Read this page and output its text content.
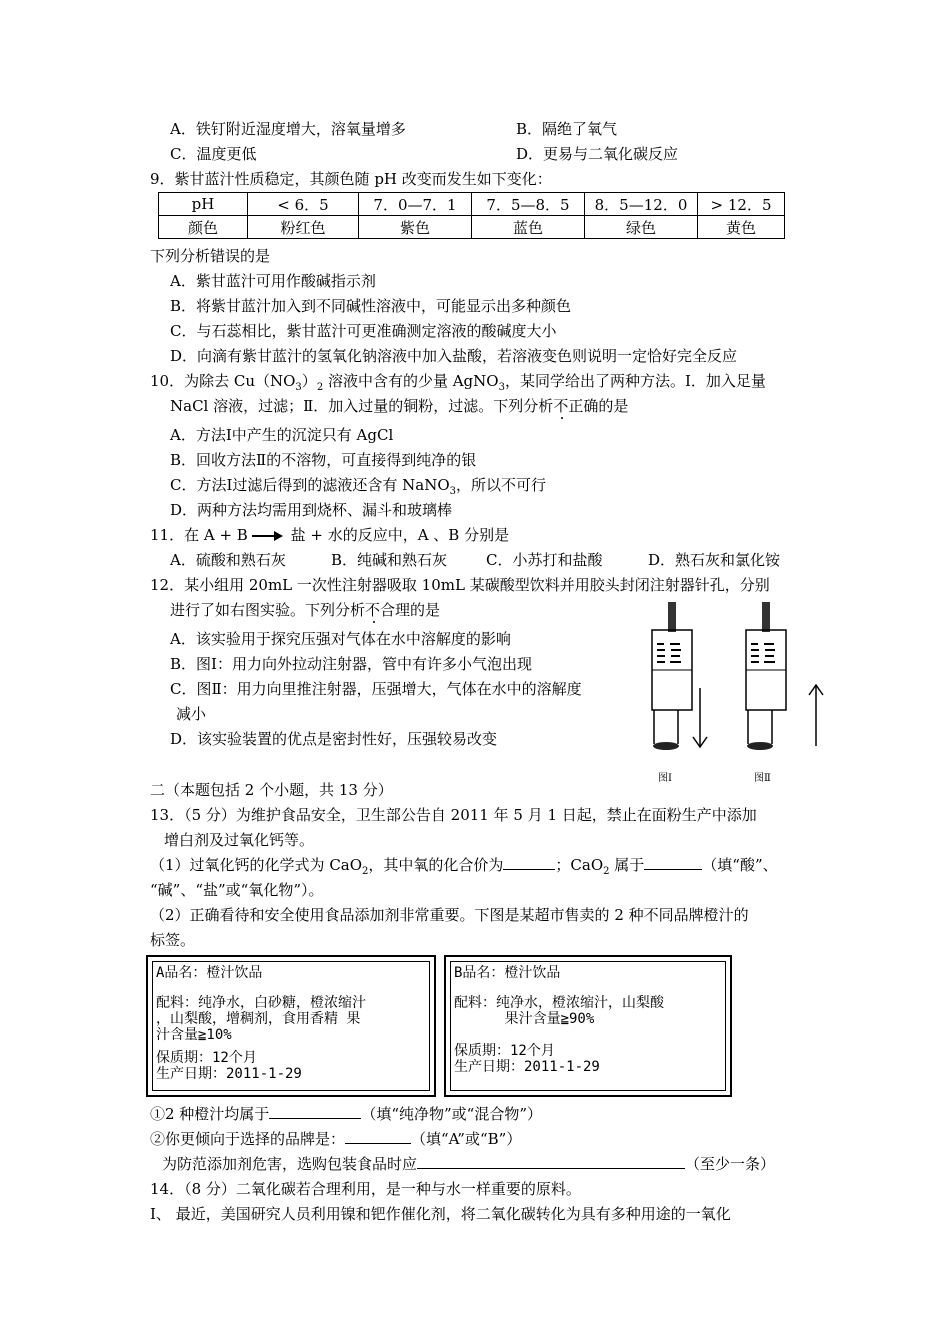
A．铁钉附近湿度增大，溶氧量增多	B．隔绝了氧气
C．温度更低	D．更易与二氧化碳反应
9．紫甘蓝汁性质稳定，其颜色随 pH 改变而发生如下变化：
pH	< 6．5	7．0—7．1	7．5—8．5	8．5—12．0	> 12．5
颜色	粉红色	紫色	蓝色	绿色	黄色
下列分析错误的是
A．紫甘蓝汁可用作酸碱指示剂
B．将紫甘蓝汁加入到不同碱性溶液中，可能显示出多种颜色
C．与石蕊相比，紫甘蓝汁可更准确测定溶液的酸碱度大小
D．向滴有紫甘蓝汁的氢氧化钠溶液中加入盐酸，若溶液变色则说明一定恰好完全反应
10．为除去 $Cu(NO_3)_2$ 溶液中含有的少量 AgNO$_3$，某同学给出了两种方法。Ⅰ．加入足量
NaCl 溶液，过滤；Ⅱ．加入过量的铜粉，过滤。下列分析不正确的是
A．方法Ⅰ中产生的沉淀只有 AgCl
B．回收方法Ⅱ的不溶物，可直接得到纯净的银
C．方法Ⅰ过滤后得到的滤液还含有 NaNO$_3$，所以不可行
D．两种方法均需用到烧杯、漏斗和玻璃棒
11．在 A + B → 盐 + 水的反应中，A 、B 分别是
A．硫酸和熟石灰	B．纯碱和熟石灰	C．小苏打和盐酸	D．熟石灰和氯化铵
12．某小组用 20mL 一次性注射器吸取 10mL 某碳酸型饮料并用胶头封闭注射器针孔，分别
进行了如右图实验。下列分析不合理的是
A．该实验用于探究压强对气体在水中溶解度的影响
B．图Ⅰ：用力向外拉动注射器，管中有许多小气泡出现
C．图Ⅱ：用力向里推注射器，压强增大，气体在水中的溶解度
减小
D．该实验装置的优点是密封性好，压强较易改变
图Ⅰ	图Ⅱ
二（本题包括 2 个小题，共 13 分）
13．（5 分）为维护食品安全，卫生部公告自 2011 年 5 月 1 日起，禁止在面粉生产中添加
增白剂及过氧化钙等。
（1）过氧化钙的化学式为 CaO$_2$，其中氧的化合价为	；CaO$_2$ 属于	（填“酸”、
“碱”、“盐”或“氧化物”）。
（2）正确看待和安全使用食品添加剂非常重要。下图是某超市售卖的 2 种不同品牌橙汁的
标签。
A品名：橙汁饮品
配料：纯净水，白砂糖，橙浓缩汁
，山梨酸，增稠剂，食用香精 果
汁含量≧10%
保质期：12个月
生产日期：2011-1-29
B品名：橙汁饮品
配料：纯净水，橙浓缩汁，山梨酸
果汁含量≧90%
保质期：12个月
生产日期：2011-1-29
①2 种橙汁均属于	（填“纯净物”或“混合物”）
②你更倾向于选择的品牌是：	（填“A”或“B”）
为防范添加剂危害，选购包装食品时应	（至少一条）
14．（8 分）二氧化碳若合理利用，是一种与水一样重要的原料。
Ⅰ、 最近，美国研究人员利用镍和钯作催化剂，将二氧化碳转化为具有多种用途的一氧化
